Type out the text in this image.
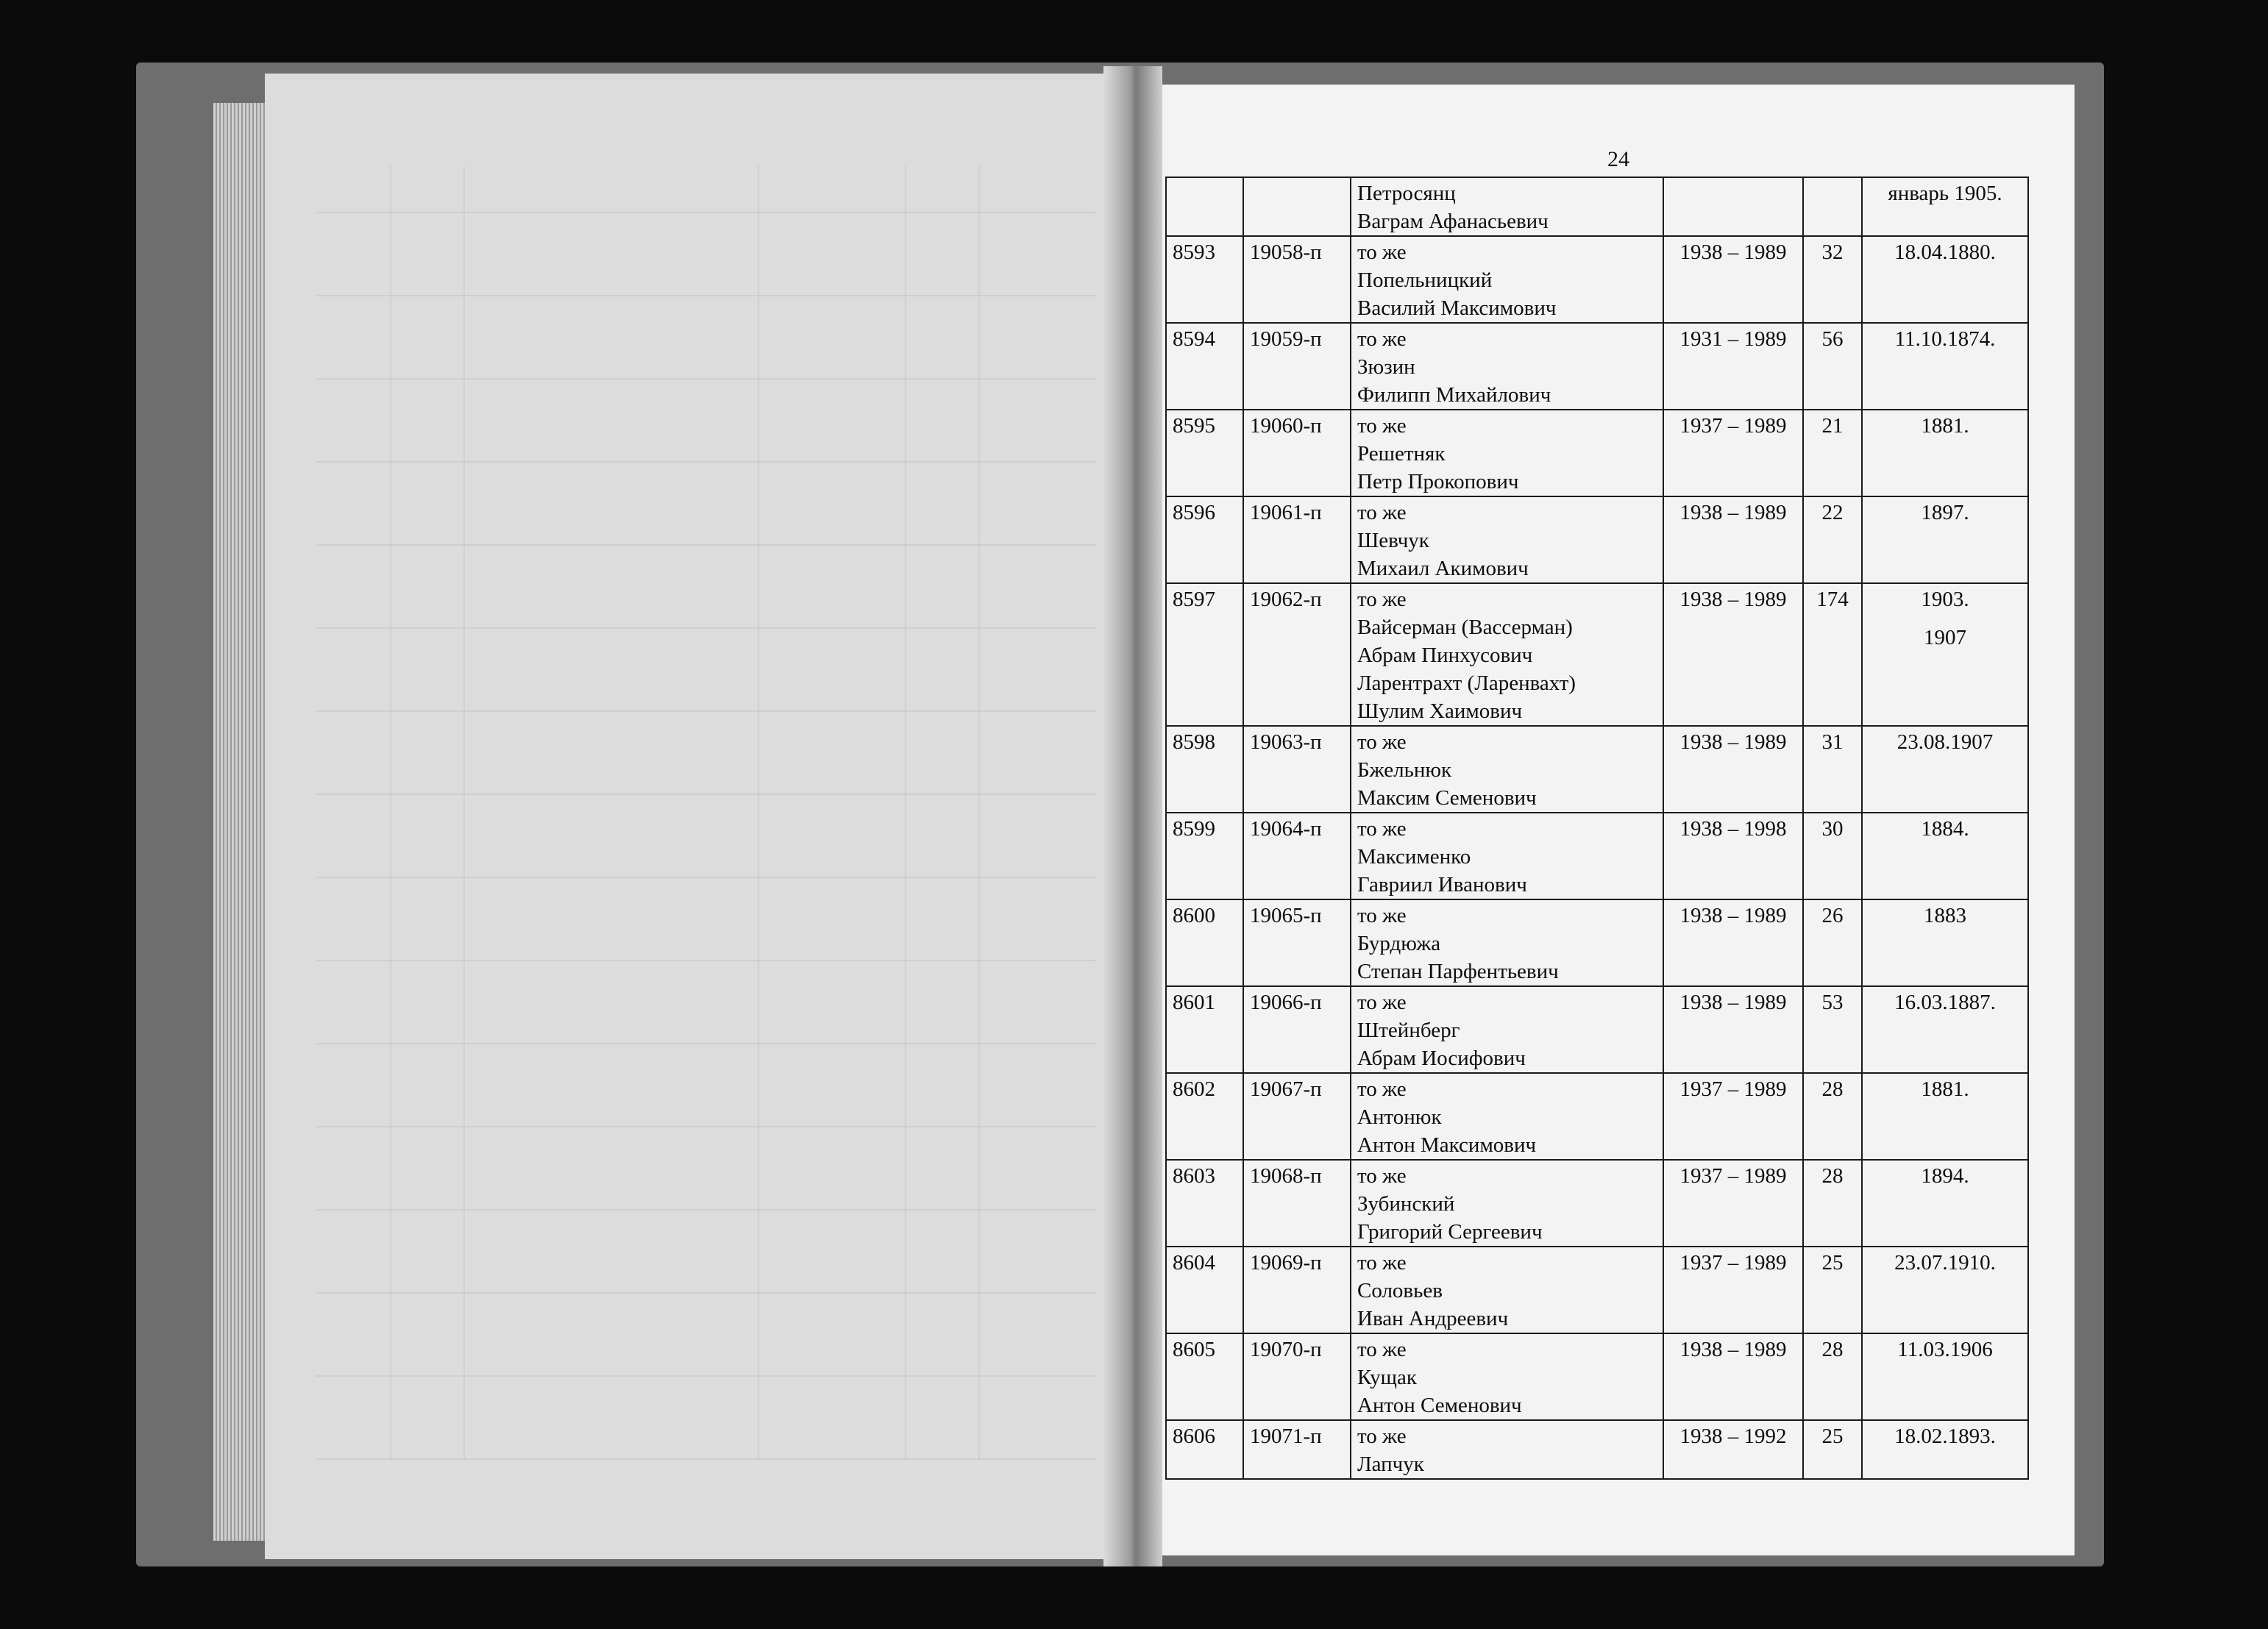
24

		Петросянц
Ваграм Афанасьевич			январь 1905.
8593	19058-п	то же
Попельницкий
Василий Максимович	1938 – 1989	32	18.04.1880.

8594	19059-п	то же
Зюзин
Филипп Михайлович	1931 – 1989	56	11.10.1874.

8595	19060-п	то же
Решетняк
Петр Прокопович	1937 – 1989	21	1881.

8596	19061-п	то же
Шевчук
Михаил Акимович	1938 – 1989	22	1897.

8597	19062-п	то же
Вайсерман (Вассерман)
Абрам Пинхусович
Ларентрахт (Ларенвахт)
Шулим Хаимович	1938 – 1989	174	1903.
1907

8598	19063-п	то же
Бжельнюк
Максим Семенович	1938 – 1989	31	23.08.1907

8599	19064-п	то же
Максименко
Гавриил Иванович	1938 – 1998	30	1884.

8600	19065-п	то же
Бурдюжа
Степан Парфентьевич	1938 – 1989	26	1883

8601	19066-п	то же
Штейнберг
Абрам Иосифович	1938 – 1989	53	16.03.1887.

8602	19067-п	то же
Антонюк
Антон Максимович	1937 – 1989	28	1881.

8603	19068-п	то же
Зубинский
Григорий Сергеевич	1937 – 1989	28	1894.

8604	19069-п	то же
Соловьев
Иван Андреевич	1937 – 1989	25	23.07.1910.

8605	19070-п	то же
Кущак
Антон Семенович	1938 – 1989	28	11.03.1906

8606	19071-п	то же
Лапчук	1938 – 1992	25	18.02.1893.
